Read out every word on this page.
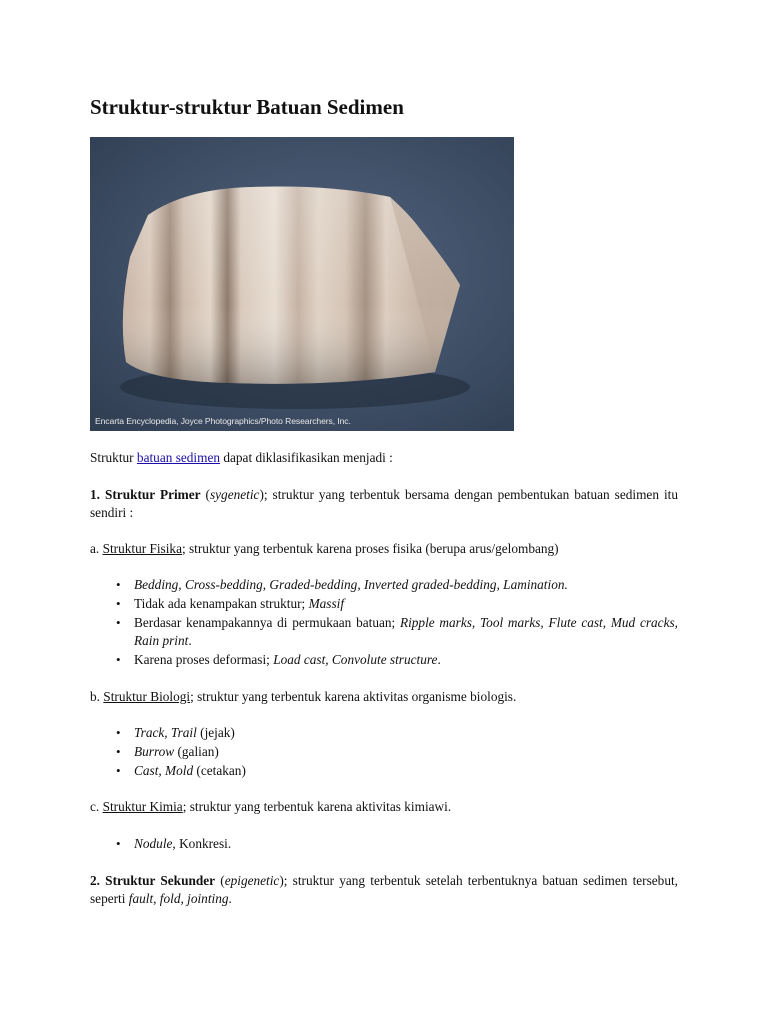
Struktur-struktur Batuan Sedimen
Encarta Encyclopedia, Joyce Photographics/Photo Researchers, Inc.

Struktur batuan sedimen dapat diklasifikasikan menjadi :

1. Struktur Primer (sygenetic); struktur yang terbentuk bersama dengan pembentukan batuan sedimen itu sendiri :

a. Struktur Fisika; struktur yang terbentuk karena proses fisika (berupa arus/gelombang)

• Bedding, Cross-bedding, Graded-bedding, Inverted graded-bedding, Lamination.
• Tidak ada kenampakan struktur; Massif
• Berdasar kenampakannya di permukaan batuan; Ripple marks, Tool marks, Flute cast, Mud cracks, Rain print.
• Karena proses deformasi; Load cast, Convolute structure.

b. Struktur Biologi; struktur yang terbentuk karena aktivitas organisme biologis.

• Track, Trail (jejak)
• Burrow (galian)
• Cast, Mold (cetakan)

c. Struktur Kimia; struktur yang terbentuk karena aktivitas kimiawi.

• Nodule, Konkresi.

2. Struktur Sekunder (epigenetic); struktur yang terbentuk setelah terbentuknya batuan sedimen tersebut, seperti fault, fold, jointing.
